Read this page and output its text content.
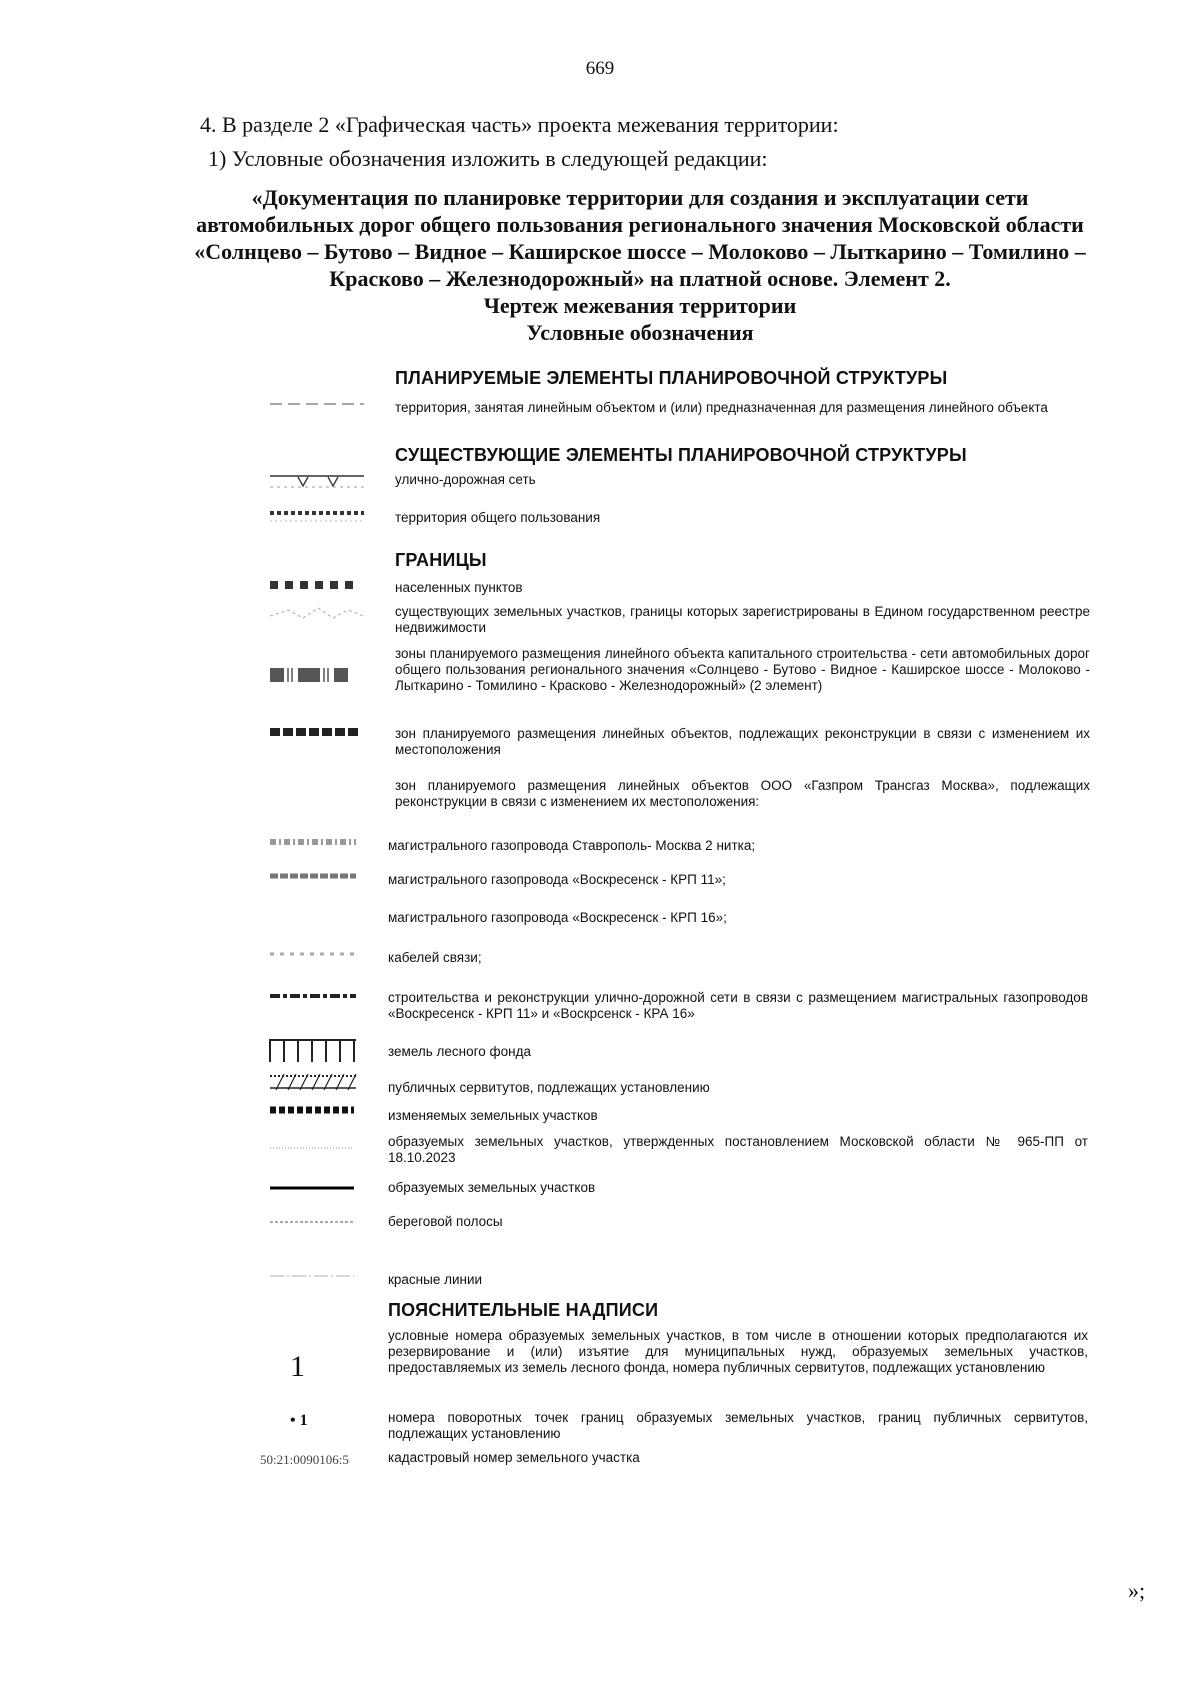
669
4. В разделе 2 «Графическая часть» проекта межевания территории:
1) Условные обозначения изложить в следующей редакции:
«Документация по планировке территории для создания и эксплуатации сети
автомобильных дорог общего пользования регионального значения Московской области
«Солнцево – Бутово – Видное – Каширское шоссе – Молоково – Лыткарино – Томилино –
Красково – Железнодорожный» на платной основе. Элемент 2.
Чертеж межевания территории
Условные обозначения
ПЛАНИРУЕМЫЕ ЭЛЕМЕНТЫ ПЛАНИРОВОЧНОЙ СТРУКТУРЫ
территория, занятая линейным объектом и (или) предназначенная для размещения линейного объекта
СУЩЕСТВУЮЩИЕ ЭЛЕМЕНТЫ ПЛАНИРОВОЧНОЙ СТРУКТУРЫ
улично-дорожная сеть
территория общего пользования
ГРАНИЦЫ
населенных пунктов
существующих земельных участков, границы которых зарегистрированы в Едином государственном реестре недвижимости
зоны планируемого размещения линейного объекта капитального строительства - сети автомобильных дорог общего пользования регионального значения «Солнцево - Бутово - Видное - Каширское шоссе - Молоково - Лыткарино - Томилино - Красково - Железнодорожный» (2 элемент)
зон планируемого размещения линейных объектов, подлежащих реконструкции в связи с изменением их местоположения
зон планируемого размещения линейных объектов ООО «Газпром Трансгаз Москва», подлежащих реконструкции в связи с изменением их местоположения:
магистрального газопровода Ставрополь- Москва 2 нитка;
магистрального газопровода «Воскресенск - КРП 11»;
магистрального газопровода «Воскресенск - КРП 16»;
кабелей связи;
строительства и реконструкции улично-дорожной сети в связи с размещением магистральных газопроводов «Воскресенск - КРП 11» и «Воскрсенск - КРА 16»
земель лесного фонда
публичных сервитутов, подлежащих установлению
изменяемых земельных участков
образуемых земельных участков, утвержденных постановлением Московской области № 965-ПП от 18.10.2023
образуемых земельных участков
береговой полосы
красные линии
ПОЯСНИТЕЛЬНЫЕ НАДПИСИ
1
условные номера образуемых земельных участков, в том числе в отношении которых предполагаются их резервирование и (или) изъятие для муниципальных нужд, образуемых земельных участков, предоставляемых из земель лесного фонда, номера публичных сервитутов, подлежащих установлению
• 1	номера поворотных точек границ образуемых земельных участков, границ публичных сервитутов, подлежащих установлению
50:21:0090106:5	кадастровый номер земельного участка
»;
